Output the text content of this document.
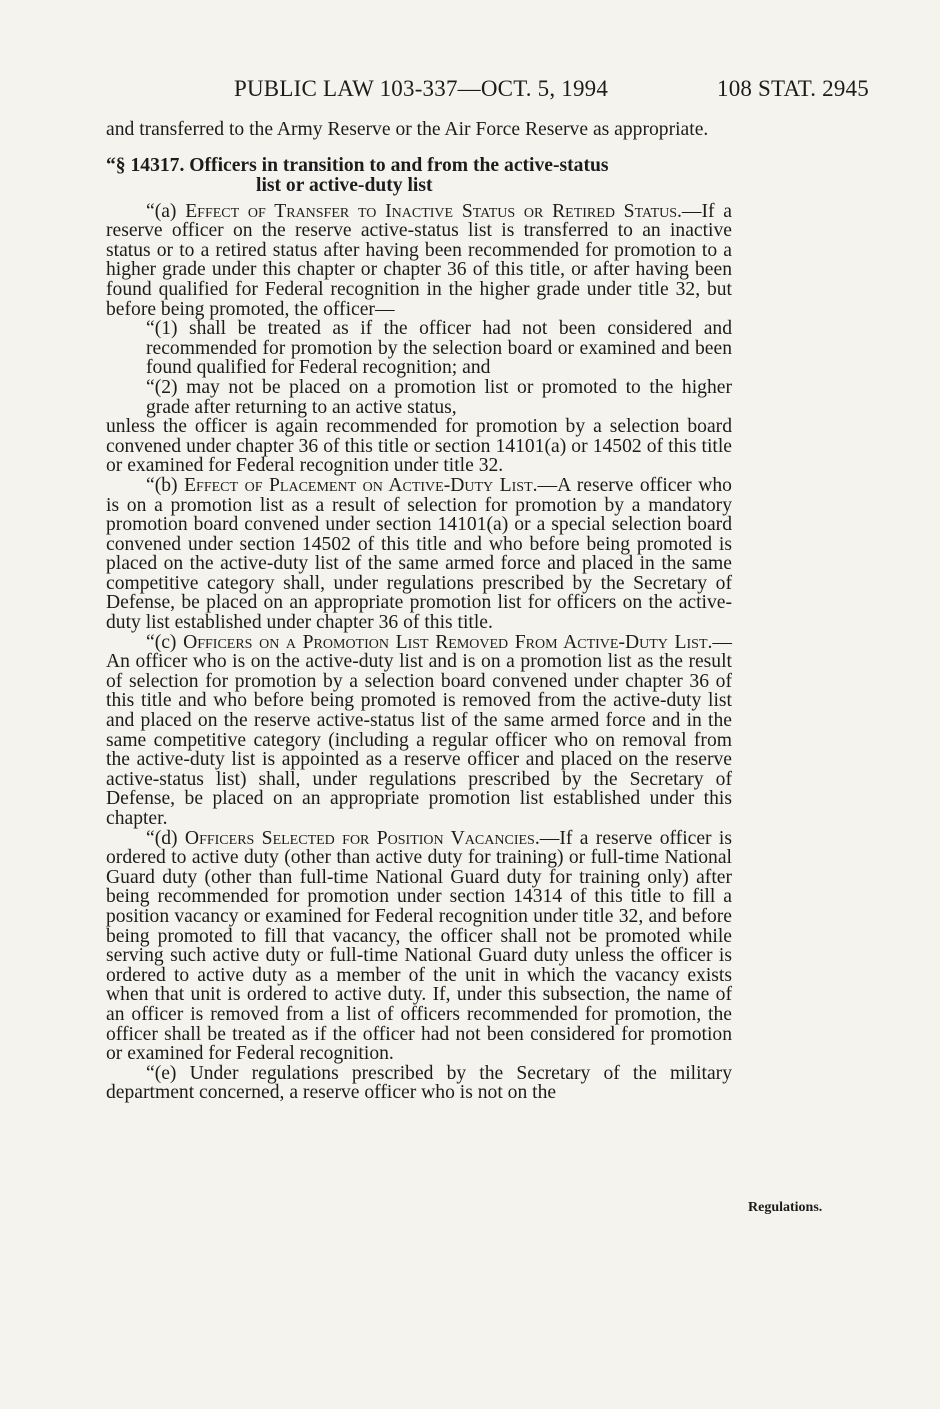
PUBLIC LAW 103-337—OCT. 5, 1994	108 STAT. 2945

and transferred to the Army Reserve or the Air Force Reserve as appropriate.

“§ 14317. Officers in transition to and from the active-status
list or active-duty list

“(a) Effect of Transfer to Inactive Status or Retired Status.—If a reserve officer on the reserve active-status list is transferred to an inactive status or to a retired status after having been recommended for promotion to a higher grade under this chapter or chapter 36 of this title, or after having been found qualified for Federal recognition in the higher grade under title 32, but before being promoted, the officer—

“(1) shall be treated as if the officer had not been considered and recommended for promotion by the selection board or examined and been found qualified for Federal recognition; and

“(2) may not be placed on a promotion list or promoted to the higher grade after returning to an active status,

unless the officer is again recommended for promotion by a selection board convened under chapter 36 of this title or section 14101(a) or 14502 of this title or examined for Federal recognition under title 32.

“(b) Effect of Placement on Active-Duty List.—A reserve officer who is on a promotion list as a result of selection for promotion by a mandatory promotion board convened under section 14101(a) or a special selection board convened under section 14502 of this title and who before being promoted is placed on the active-duty list of the same armed force and placed in the same competitive category shall, under regulations prescribed by the Secretary of Defense, be placed on an appropriate promotion list for officers on the active-duty list established under chapter 36 of this title.

“(c) Officers on a Promotion List Removed From Active-Duty List.—An officer who is on the active-duty list and is on a promotion list as the result of selection for promotion by a selection board convened under chapter 36 of this title and who before being promoted is removed from the active-duty list and placed on the reserve active-status list of the same armed force and in the same competitive category (including a regular officer who on removal from the active-duty list is appointed as a reserve officer and placed on the reserve active-status list) shall, under regulations prescribed by the Secretary of Defense, be placed on an appropriate promotion list established under this chapter.

“(d) Officers Selected for Position Vacancies.—If a reserve officer is ordered to active duty (other than active duty for training) or full-time National Guard duty (other than full-time National Guard duty for training only) after being recommended for promotion under section 14314 of this title to fill a position vacancy or examined for Federal recognition under title 32, and before being promoted to fill that vacancy, the officer shall not be promoted while serving such active duty or full-time National Guard duty unless the officer is ordered to active duty as a member of the unit in which the vacancy exists when that unit is ordered to active duty. If, under this subsection, the name of an officer is removed from a list of officers recommended for promotion, the officer shall be treated as if the officer had not been considered for promotion or examined for Federal recognition.

“(e) Under regulations prescribed by the Secretary of the military department concerned, a reserve officer who is not on the

Regulations.
